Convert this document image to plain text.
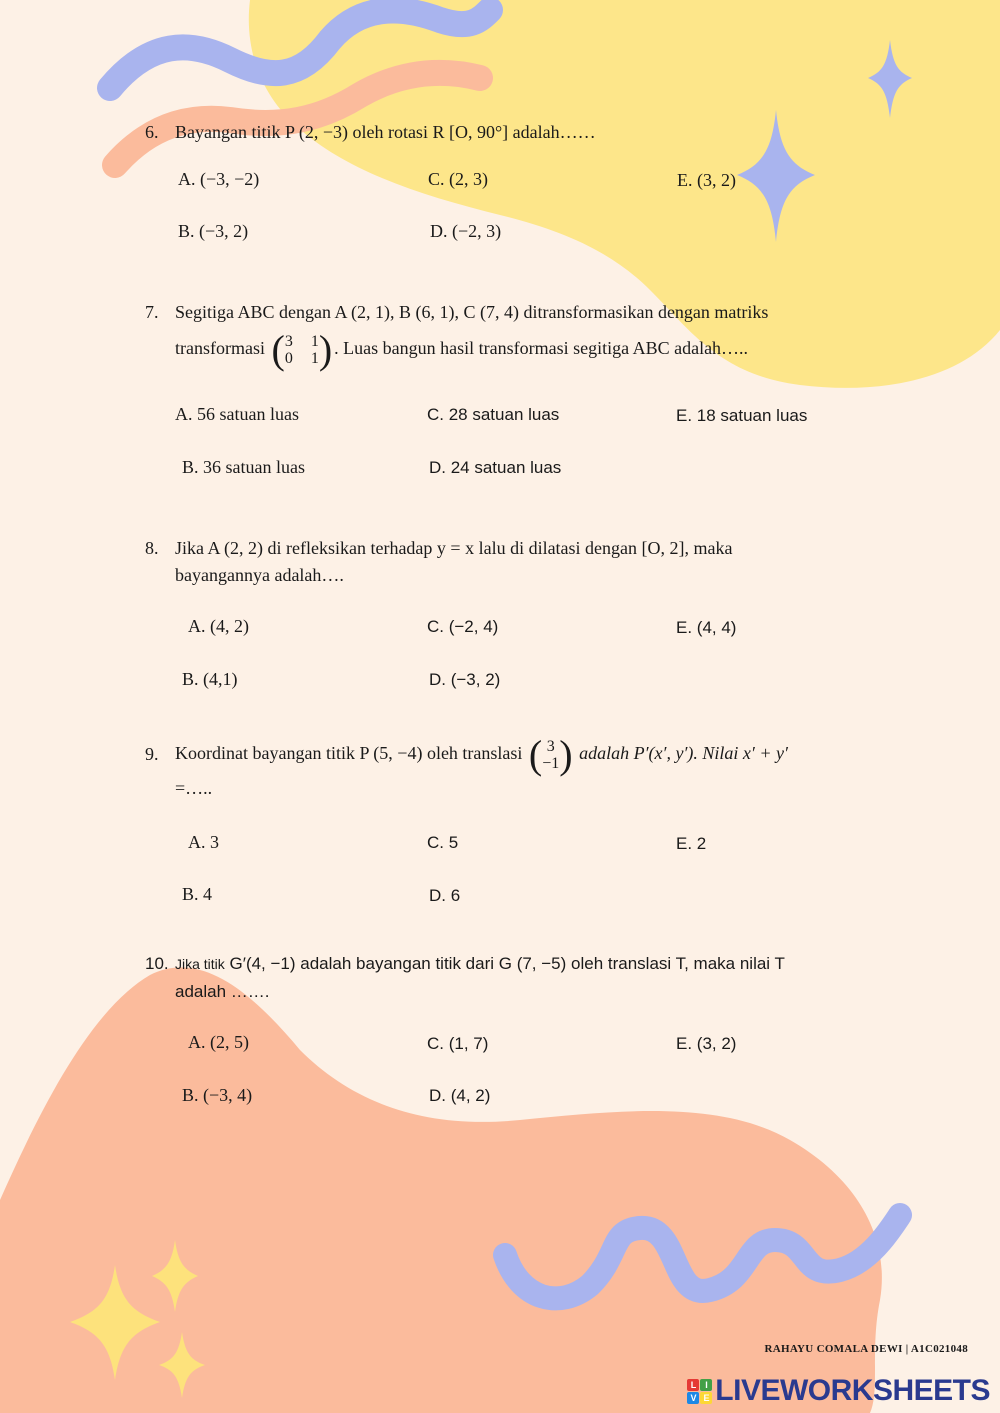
6. Bayangan titik P (2, −3) oleh rotasi R [O, 90°] adalah……
A. (−3, −2)	C. (2, 3)	E. (3, 2)
B. (−3, 2)	D. (−2, 3)
7. Segitiga ABC dengan A (2, 1), B (6, 1), C (7, 4) ditransformasikan dengan matriks
transformasi ( 3 1
0 1 ) . Luas bangun hasil transformasi segitiga ABC adalah…..
A. 56 satuan luas	C. 28 satuan luas	E. 18 satuan luas
B. 36 satuan luas	D. 24 satuan luas
8. Jika A (2, 2) di refleksikan terhadap y = x lalu di dilatasi dengan [O, 2], maka
bayangannya adalah….
A. (4, 2)	C. (−2, 4)	E. (4, 4)
B. (4,1)	D. (−3, 2)
9. Koordinat bayangan titik P (5, −4) oleh translasi ( 3
−1 ) adalah P′(x′, y′). Nilai x′ + y′
=…..
A. 3	C. 5	E. 2
B. 4	D. 6
10. Jika titik G′(4, −1) adalah bayangan titik dari G (7, −5) oleh translasi T, maka nilai T
adalah …….
A. (2, 5)	C. (1, 7)	E. (3, 2)
B. (−3, 4)	D. (4, 2)
RAHAYU COMALA DEWI | A1C021048
L	I
V E LIVEWORKSHEETS
